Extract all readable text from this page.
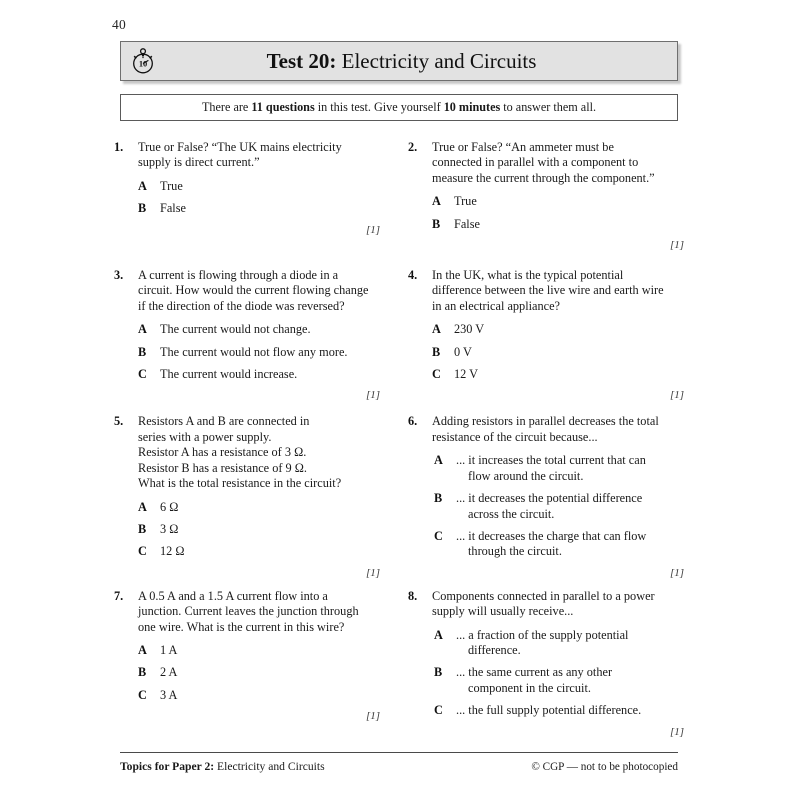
40
10	Test 20: Electricity and Circuits
There are 11 questions in this test. Give yourself 10 minutes to answer them all.
1.	True or False? “The UK mains electricity
supply is direct current.”
A	True
B	False
[1]
2.	True or False? “An ammeter must be
connected in parallel with a component to
measure the current through the component.”
A	True
B	False
[1]
3.	A current is flowing through a diode in a
circuit. How would the current flowing change
if the direction of the diode was reversed?
A	The current would not change.
B	The current would not flow any more.
C	The current would increase.
[1]
4.	In the UK, what is the typical potential
difference between the live wire and earth wire
in an electrical appliance?
A	230 V
B	0 V
C	12 V
[1]
5.	Resistors A and B are connected in
series with a power supply.
Resistor A has a resistance of 3 Ω.
Resistor B has a resistance of 9 Ω.
What is the total resistance in the circuit?
A	6 Ω
B	3 Ω
C	12 Ω
[1]
6.	Adding resistors in parallel decreases the total
resistance of the circuit because...
A	... it increases the total current that can
flow around the circuit.
B	... it decreases the potential difference
across the circuit.
C	... it decreases the charge that can flow
through the circuit.
[1]
7.	A 0.5 A and a 1.5 A current flow into a
junction. Current leaves the junction through
one wire. What is the current in this wire?
A	1 A
B	2 A
C	3 A
[1]
8.	Components connected in parallel to a power
supply will usually receive...
A	... a fraction of the supply potential
difference.
B	... the same current as any other
component in the circuit.
C	... the full supply potential difference.
[1]
Topics for Paper 2: Electricity and Circuits	© CGP — not to be photocopied
